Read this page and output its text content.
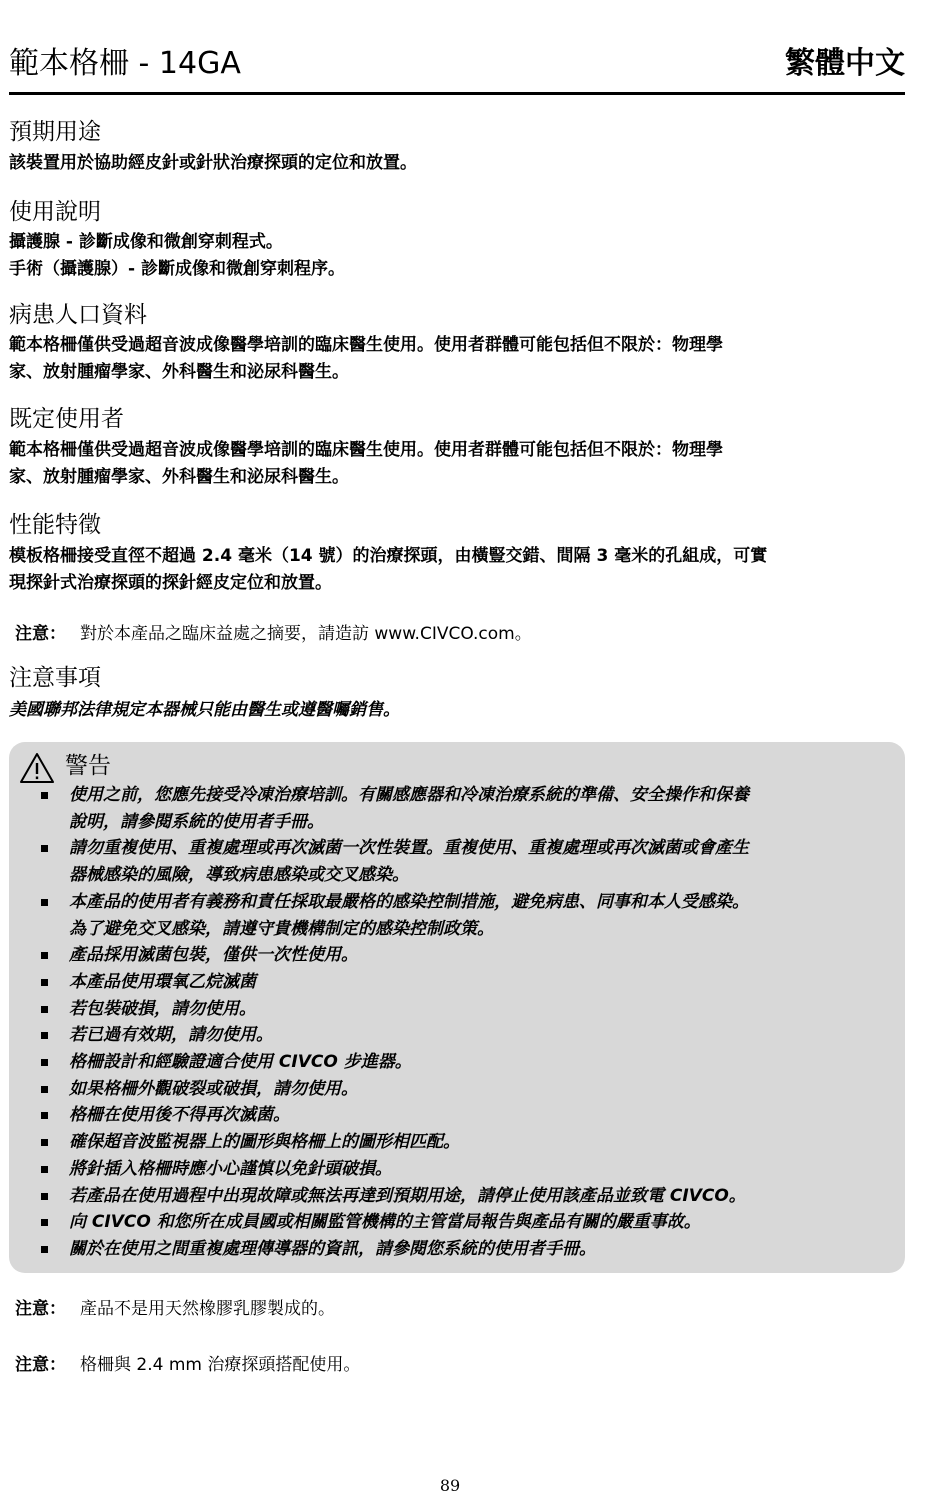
範本格柵 - 14GA	繁體中文
預期用途
該裝置用於協助經皮針或針狀治療探頭的定位和放置。
使用說明
攝護腺 - 診斷成像和微創穿刺程式。
手術（攝護腺）- 診斷成像和微創穿刺程序。
病患人口資料
範本格柵僅供受過超音波成像醫學培訓的臨床醫生使用。使用者群體可能包括但不限於：物理學
家、放射腫瘤學家、外科醫生和泌尿科醫生。
既定使用者
範本格柵僅供受過超音波成像醫學培訓的臨床醫生使用。使用者群體可能包括但不限於：物理學
家、放射腫瘤學家、外科醫生和泌尿科醫生。
性能特徵
模板格柵接受直徑不超過 2.4 毫米（14 號）的治療探頭，由橫豎交錯、間隔 3 毫米的孔組成，可實
現探針式治療探頭的探針經皮定位和放置。
注意： 對於本產品之臨床益處之摘要，請造訪 www.CIVCO.com。
注意事項
美國聯邦法律規定本器械只能由醫生或遵醫囑銷售。
警告
使用之前，您應先接受冷凍治療培訓。有關感應器和冷凍治療系統的準備、安全操作和保養
說明，請參閱系統的使用者手冊。
請勿重複使用、重複處理或再次滅菌一次性裝置。重複使用、重複處理或再次滅菌或會產生
器械感染的風險，導致病患感染或交叉感染。
本產品的使用者有義務和責任採取最嚴格的感染控制措施，避免病患、同事和本人受感染。
為了避免交叉感染，請遵守貴機構制定的感染控制政策。
產品採用滅菌包裝，僅供一次性使用。
本產品使用環氧乙烷滅菌
若包裝破損，請勿使用。
若已過有效期，請勿使用。
格柵設計和經驗證適合使用 CIVCO 步進器。
如果格柵外觀破裂或破損，請勿使用。
格柵在使用後不得再次滅菌。
確保超音波監視器上的圖形與格柵上的圖形相匹配。
將針插入格柵時應小心謹慎以免針頭破損。
若產品在使用過程中出現故障或無法再達到預期用途，請停止使用該產品並致電 CIVCO。
向 CIVCO 和您所在成員國或相關監管機構的主管當局報告與產品有關的嚴重事故。
關於在使用之間重複處理傳導器的資訊，請參閱您系統的使用者手冊。
注意： 產品不是用天然橡膠乳膠製成的。
注意： 格柵與 2.4 mm 治療探頭搭配使用。
89
